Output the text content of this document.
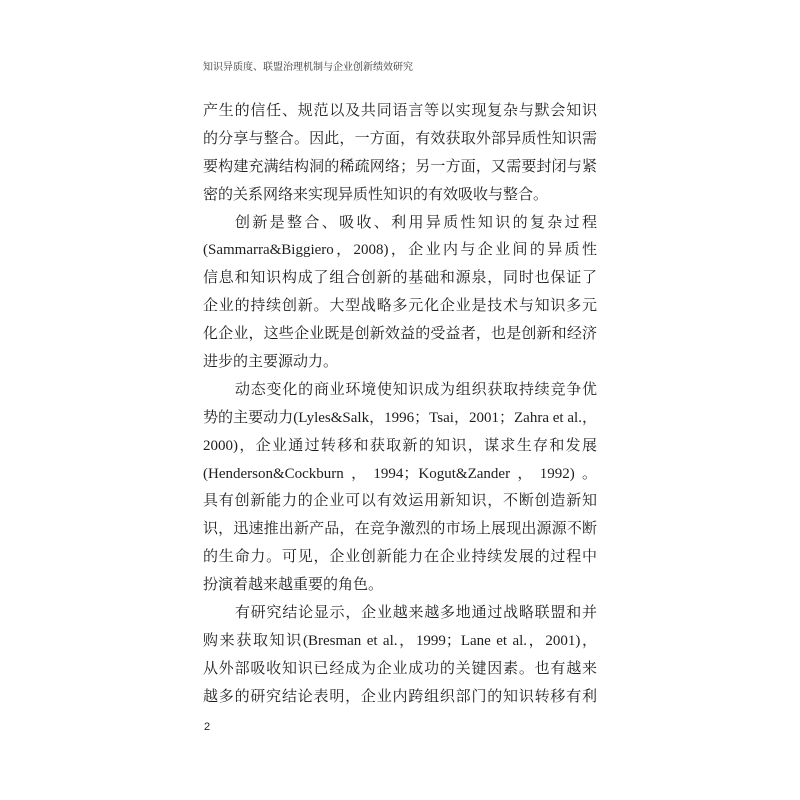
知识异质度、联盟治理机制与企业创新绩效研究
产生的信任、规范以及共同语言等以实现复杂与默会知识
的分享与整合。因此，一方面，有效获取外部异质性知识需
要构建充满结构洞的稀疏网络；另一方面，又需要封闭与紧
密的关系网络来实现异质性知识的有效吸收与整合。
创新是整合、吸收、利用异质性知识的复杂过程
(Sammarra&Biggiero，2008)，企业内与企业间的异质性
信息和知识构成了组合创新的基础和源泉，同时也保证了
企业的持续创新。大型战略多元化企业是技术与知识多元
化企业，这些企业既是创新效益的受益者，也是创新和经济
进步的主要源动力。
动态变化的商业环境使知识成为组织获取持续竞争优
势的主要动力(Lyles&Salk，1996；Tsai，2001；Zahra et al.，
2000)，企业通过转移和获取新的知识，谋求生存和发展
(Henderson&Cockburn，1994；Kogut&Zander，1992)。
具有创新能力的企业可以有效运用新知识，不断创造新知
识，迅速推出新产品，在竞争激烈的市场上展现出源源不断
的生命力。可见，企业创新能力在企业持续发展的过程中
扮演着越来越重要的角色。
有研究结论显示，企业越来越多地通过战略联盟和并
购来获取知识(Bresman et al.，1999；Lane et al.，2001)，
从外部吸收知识已经成为企业成功的关键因素。也有越来
越多的研究结论表明，企业内跨组织部门的知识转移有利
2
